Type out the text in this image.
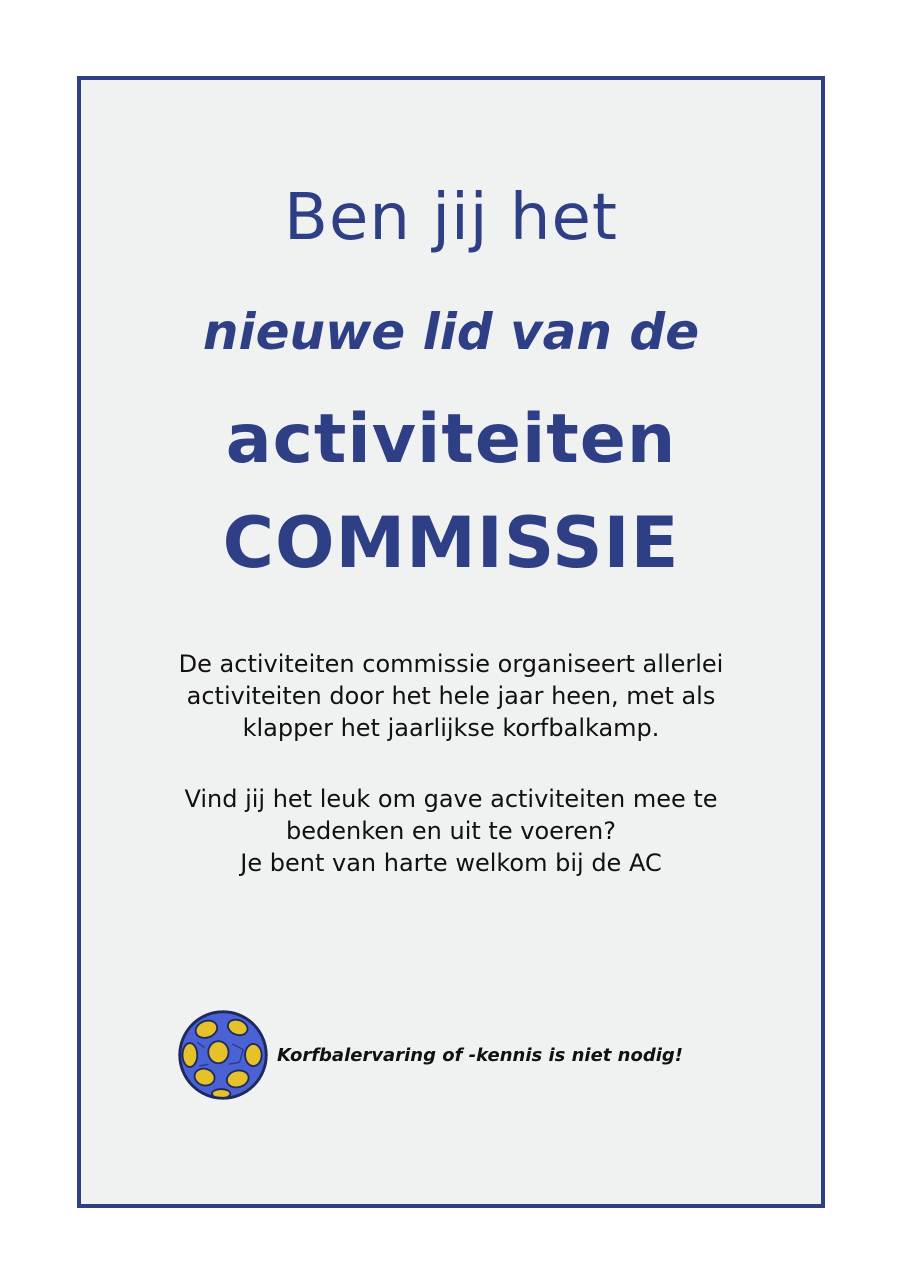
Ben jij het
nieuwe lid van de
activiteiten
COMMISSIE

De activiteiten commissie organiseert allerlei
activiteiten door het hele jaar heen, met als
klapper het jaarlijkse korfbalkamp.

Vind jij het leuk om gave activiteiten mee te
bedenken en uit te voeren?
Je bent van harte welkom bij de AC

Korfbalervaring of -kennis is niet nodig!
